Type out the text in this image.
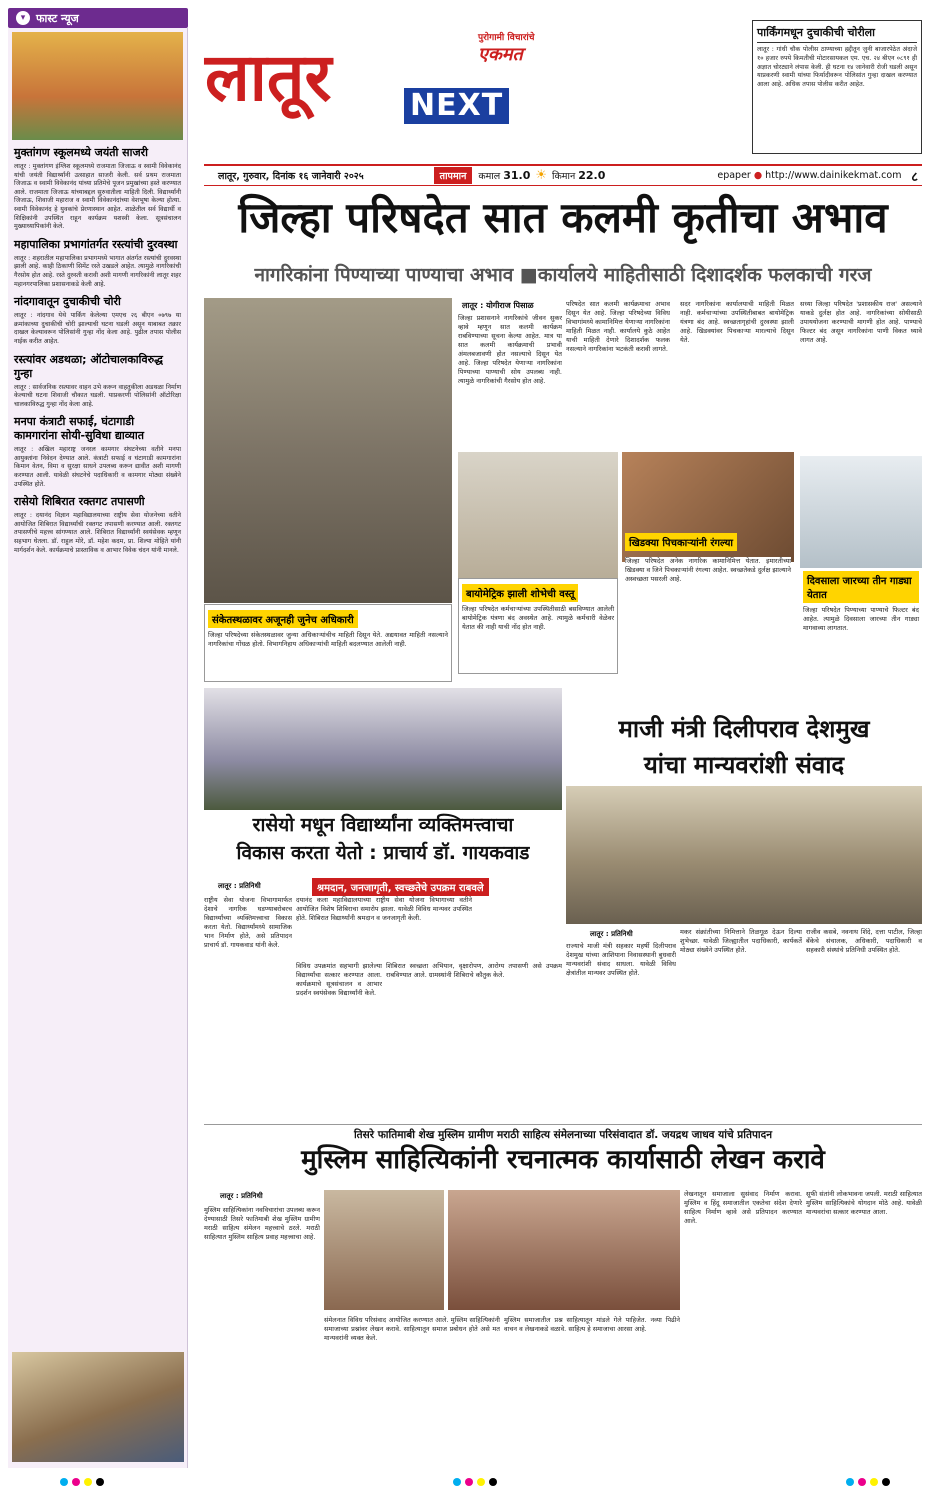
▾ फास्ट न्यूज
मुक्तांगण स्कूलमध्ये जयंती साजरी
लातूर : मुक्तांगण इंग्लिश स्कूलमध्ये राजमाता जिजाऊ व स्वामी विवेकानंद यांची जयंती विद्यार्थ्यांनी उत्साहात साजरी केली. सर्व प्रथम राजमाता जिजाऊ व स्वामी विवेकानंद यांच्या प्रतिमेचे पूजन प्रमुखांच्या हस्ते करण्यात आले. राजमाता जिजाऊ यांच्याबद्दल सुरुवातीला माहिती दिली. विद्यार्थ्यांनी जिजाऊ, शिवाजी महाराज व स्वामी विवेकानंदांच्या वेशभूषा केल्या होत्या. स्वामी विवेकानंद हे युवकांचे प्रेरणास्थान आहेत. शाळेतील सर्व विद्यार्थी व शिक्षिकांनी उपस्थित राहून कार्यक्रम यशस्वी केला. सूत्रसंचालन मुख्याध्यापिकांनी केले.
महापालिका प्रभागांतर्गत रस्त्यांची दुरवस्था
लातूर : शहरातील महापालिका प्रभागमध्ये भागात अंतर्गत रस्त्यांची दुरवस्था झाली आहे. काही ठिकाणी सिमेंट रस्ते उखडले आहेत. त्यामुळे नागरिकांची गैरसोय होत आहे. रस्ते दुरुस्ती करावी अशी मागणी नागरिकांनी लातूर शहर महानगरपालिका प्रशासनाकडे केली आहे.
नांदगावातून दुचाकीची चोरी
लातूर : नांदगाव येथे पार्किंग केलेल्या एमएच २६ बीएन ०७९७ या क्रमांकाच्या दुचाकीची चोरी झाल्याची घटना घडली असून याबाबत तक्रार दाखल केल्यावरून पोलिसांनी गुन्हा नोंद केला आहे. पुढील तपास पोलीस नाईक करीत आहेत.
रस्त्यांवर अडथळा; ऑटोचालकाविरुद्ध गुन्हा
लातूर : सार्वजनिक रस्त्यावर वाहन उभे करून वाहतुकीला अडथळा निर्माण केल्याची घटना शिवाजी चौकात घडली. याप्रकरणी पोलिसांनी ऑटोरिक्षा चालकाविरुद्ध गुन्हा नोंद केला आहे.
मनपा कंत्राटी सफाई, घंटागाडी कामगारांना सोयी-सुविधा द्याव्यात
लातूर : अखिल महाराष्ट्र जनरल कामगार संघटनेच्या वतीने मनपा आयुक्तांना निवेदन देण्यात आले. कंत्राटी सफाई व घंटागाडी कामगारांना किमान वेतन, विमा व सुरक्षा साधने उपलब्ध करून द्यावीत अशी मागणी करण्यात आली. यावेळी संघटनेचे पदाधिकारी व कामगार मोठ्या संख्येने उपस्थित होते.
रासेयो शिबिरात रक्तगट तपासणी
लातूर : दयानंद विज्ञान महाविद्यालयाच्या राष्ट्रीय सेवा योजनेच्या वतीने आयोजित शिबिरात विद्यार्थ्यांची रक्तगट तपासणी करण्यात आली. रक्तगट तपासणीचे महत्त्व सांगण्यात आले. शिबिरात विद्यार्थ्यांनी स्वयंसेवक म्हणून सहभाग घेतला. डॉ. राहुल मोरे, डॉ. महेश कदम, प्रा. शिल्पा मोहिते यांनी मार्गदर्शन केले. कार्यक्रमाचे प्रास्ताविक व आभार विवेक चंदन यांनी मानले.
लातूर	NEXT
पुरोगामी विचारांचे
एकमत
पार्किंगमधून दुचाकीची चोरीला
लातूर : गांधी चौक पोलीस ठाण्याच्या हद्दीतून जुनी बाजारपेठेत अंदाजे १० हजार रुपये किमतीची मोटारसायकल एम. एच. २४ बीएन ०८९१ ही अज्ञात चोरट्याने लंपास केली. ही घटना १४ जानेवारी रोजी घडली असून याप्रकरणी स्वामी यांच्या फिर्यादीवरून पोलिसांत गुन्हा दाखल करण्यात आला आहे. अधिक तपास पोलीस करीत आहेत.
लातूर, गुरुवार, दिनांक १६ जानेवारी २०२५	तापमान	कमाल 31.0 ☀ किमान 22.0	epaper ● http://www.dainikekmat.com ८
जिल्हा परिषदेत सात कलमी कृतीचा अभाव
नागरिकांना पिण्याच्या पाण्याचा अभाव ■कार्यालये माहितीसाठी दिशादर्शक फलकाची गरज
संकेतस्थळावर अजूनही जुनेच अधिकारी
जिल्हा परिषदेच्या संकेतस्थळावर जुन्या अधिकाऱ्यांचीच माहिती दिसून येते. अद्ययावत माहिती नसल्याने नागरिकांचा गोंधळ होतो. विभागनिहाय अधिकाऱ्यांची माहिती बदलण्यात आलेली नाही.
लातूर : योगीराज पिसाळ
जिल्हा प्रशासनाने नागरिकांचे जीवन सुकर व्हावे म्हणून सात कलमी कार्यक्रम राबविण्याच्या सूचना केल्या आहेत. मात्र या सात कलमी कार्यक्रमाची प्रभावी अंमलबजावणी होत नसल्याचे दिसून येत आहे. जिल्हा परिषदेत येणाऱ्या नागरिकांना पिण्याच्या पाण्याची सोय उपलब्ध नाही. त्यामुळे नागरिकांची गैरसोय होत आहे.
परिषदेत सात कलमी कार्यक्रमाचा अभाव दिसून येत आहे. जिल्हा परिषदेच्या विविध विभागांमध्ये कामानिमित्त येणाऱ्या नागरिकांना माहिती मिळत नाही. कार्यालये कुठे आहेत याची माहिती देणारे दिशादर्शक फलक नसल्याने नागरिकांना भटकंती करावी लागते.
सदर नागरिकांना कार्यालयाची माहिती मिळत नाही. कर्मचाऱ्यांच्या उपस्थितीबाबत बायोमेट्रिक यंत्रणा बंद आहे. स्वच्छतागृहांची दुरवस्था झाली आहे. खिडक्यांवर पिचकाऱ्या मारल्याचे दिसून येते.
सध्या जिल्हा परिषदेत 'प्रशासकीय राज' असल्याने याकडे दुर्लक्ष होत आहे. नागरिकांच्या सोयीसाठी उपाययोजना करण्याची मागणी होत आहे. पाण्याचे फिल्टर बंद असून नागरिकांना पाणी विकत घ्यावे लागत आहे.
बायोमेट्रिक झाली शोभेची वस्तू
जिल्हा परिषदेत कर्मचाऱ्यांच्या उपस्थितीसाठी बसविण्यात आलेली बायोमेट्रिक यंत्रणा बंद अवस्थेत आहे. त्यामुळे कर्मचारी वेळेवर येतात की नाही याची नोंद होत नाही.
खिडक्या पिचकाऱ्यांनी रंगल्या
जिल्हा परिषदेत अनेक नागरिक कामानिमित्त येतात. इमारतीच्या खिडक्या व जिने पिचकाऱ्यांनी रंगल्या आहेत. स्वच्छतेकडे दुर्लक्ष झाल्याने अस्वच्छता पसरली आहे.	दिवसाला जारच्या तीन गाड्या येतात
जिल्हा परिषदेत पिण्याच्या पाण्याचे फिल्टर बंद आहेत. त्यामुळे दिवसाला जारच्या तीन गाड्या मागवाव्या लागतात.
रासेयो मधून विद्यार्थ्यांना व्यक्तिमत्त्वाचा
विकास करता येतो : प्राचार्य डॉ. गायकवाड
श्रमदान, जनजागृती, स्वच्छतेचे उपक्रम राबवले
लातूर : प्रतिनिधी
राष्ट्रीय सेवा योजना विभागामार्फत देशाचे नागरिक घडण्याबरोबरच विद्यार्थ्यांच्या व्यक्तिमत्त्वाचा विकास करता येतो. विद्यार्थ्यांमध्ये सामाजिक भान निर्माण होते, असे प्रतिपादन प्राचार्य डॉ. गायकवाड यांनी केले.
दयानंद कला महाविद्यालयाच्या राष्ट्रीय सेवा योजना विभागाच्या वतीने आयोजित विशेष शिबिराचा समारोप झाला. यावेळी विविध मान्यवर उपस्थित होते. शिबिरात विद्यार्थ्यांनी श्रमदान व जनजागृती केली.
विविध उपक्रमांत सहभागी झालेल्या विद्यार्थ्यांचा सत्कार करण्यात आला. कार्यक्रमाचे सूत्रसंचालन व आभार प्रदर्शन स्वयंसेवक विद्यार्थ्यांनी केले.
शिबिरात स्वच्छता अभियान, वृक्षारोपण, आरोग्य तपासणी असे उपक्रम राबविण्यात आले. ग्रामस्थांनी शिबिराचे कौतुक केले.
माजी मंत्री दिलीपराव देशमुख
यांचा मान्यवरांशी संवाद
लातूर : प्रतिनिधी
राज्याचे माजी मंत्री सहकार महर्षी दिलीपराव देशमुख यांच्या आशियाना निवासस्थानी बुधवारी मान्यवरांशी संवाद साधला. यावेळी विविध क्षेत्रांतील मान्यवर उपस्थित होते.
मकर संक्रांतीच्या निमित्ताने तिळगूळ देऊन दिल्या शुभेच्छा. यावेळी जिल्ह्यातील पदाधिकारी, कार्यकर्ते मोठ्या संख्येने उपस्थित होते.
राजीव कसबे, नवनाथ शिंदे, दत्ता पाटील, जिल्हा बँकेचे संचालक, अधिकारी, पदाधिकारी व सहकारी संस्थांचे प्रतिनिधी उपस्थित होते.
तिसरे फातिमाबी शेख मुस्लिम ग्रामीण मराठी साहित्य संमेलनाच्या परिसंवादात डॉ. जयद्रथ जाधव यांचे प्रतिपादन
मुस्लिम साहित्यिकांनी रचनात्मक कार्यासाठी लेखन करावे
लातूर : प्रतिनिधी
मुस्लिम साहित्यिकांना नवविचारांचा उपलब्ध करून देण्यासाठी तिसरे फातिमाबी शेख मुस्लिम ग्रामीण मराठी साहित्य संमेलन महत्त्वाचे ठरले. मराठी साहित्यात मुस्लिम साहित्य प्रवाह महत्त्वाचा आहे.
संमेलनात विविध परिसंवाद आयोजित करण्यात आले. मुस्लिम साहित्यिकांनी समाजाच्या प्रश्नांवर लेखन करावे. साहित्यातून समाज प्रबोधन होते असे मत मान्यवरांनी व्यक्त केले.
मुस्लिम समाजातील प्रश्न साहित्यातून मांडले गेले पाहिजेत. नव्या पिढीने वाचन व लेखनाकडे वळावे. साहित्य हे समाजाचा आरसा आहे.
लेखनातून समाजाला सुसंवाद निर्माण करावा. मुस्लिम व हिंदू समाजातील एकतेचा संदेश देणारे साहित्य निर्माण व्हावे असे प्रतिपादन करण्यात आले.
सूफी संतांनी लोकभावना जपली. मराठी साहित्यात मुस्लिम साहित्यिकांचे योगदान मोठे आहे. यावेळी मान्यवरांचा सत्कार करण्यात आला.
